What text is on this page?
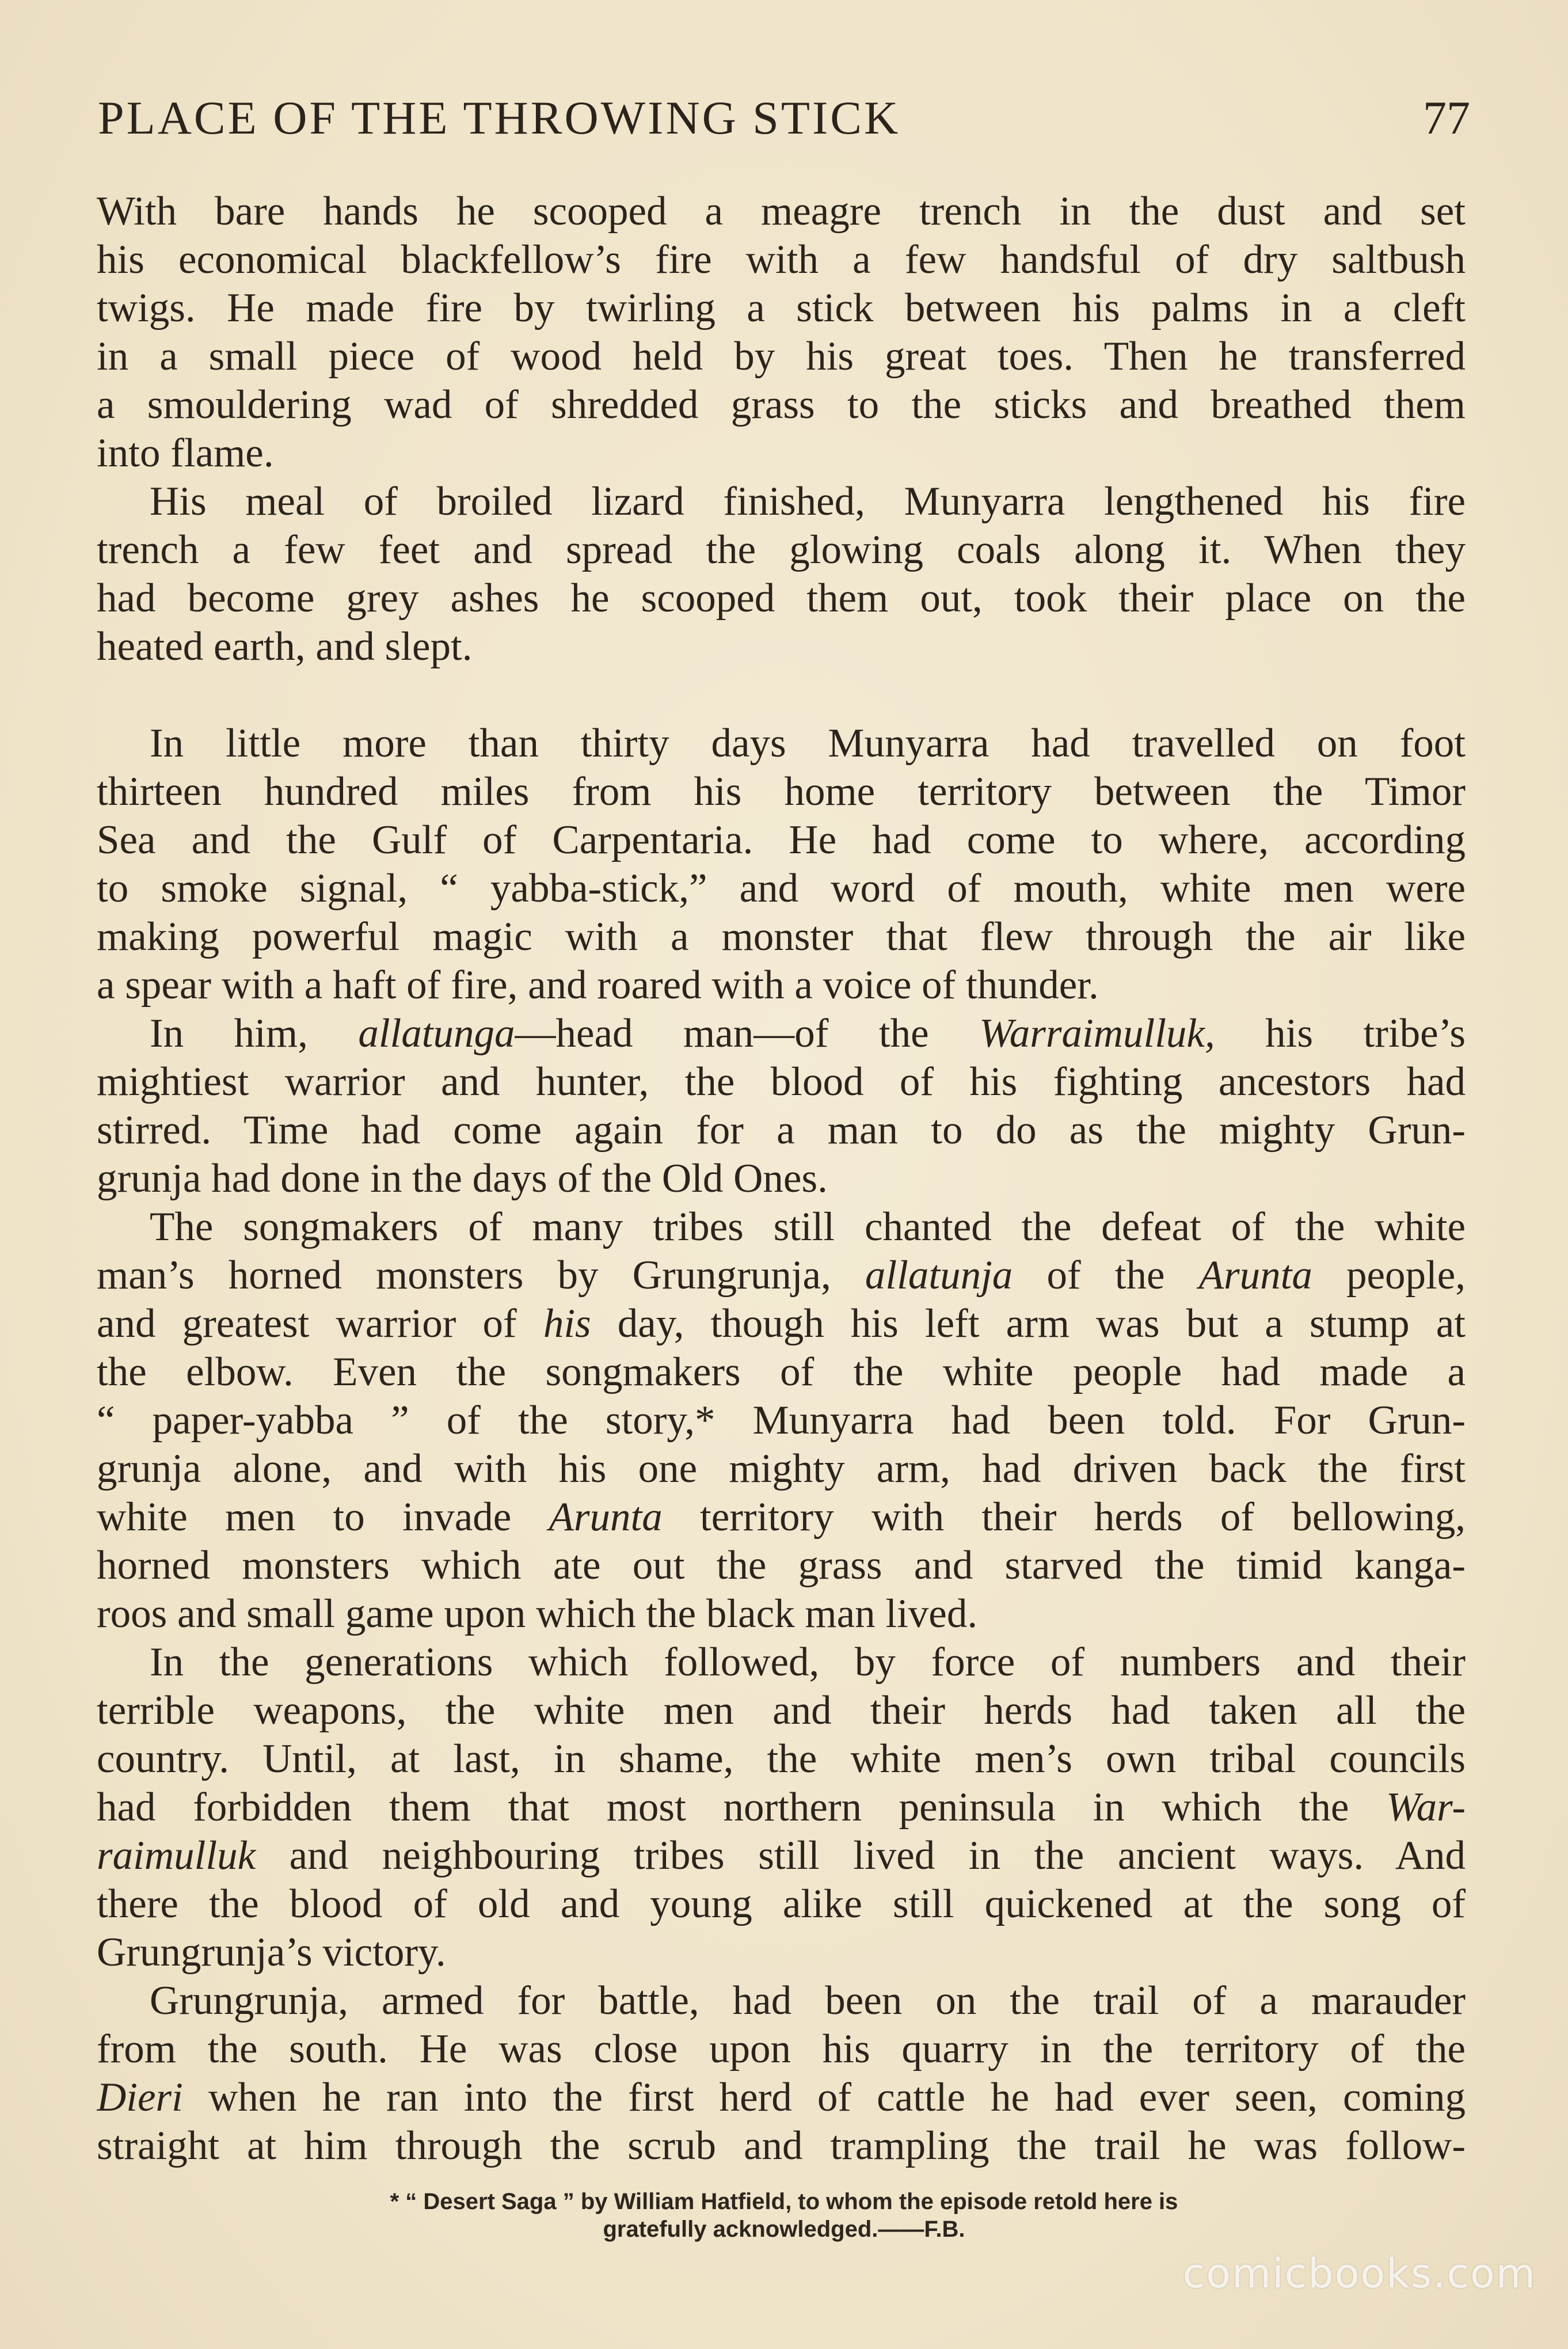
PLACE OF THE THROWING STICK	77
With bare hands he scooped a meagre trench in the dust and set
his economical blackfellow’s fire with a few handsful of dry saltbush
twigs. He made fire by twirling a stick between his palms in a cleft
in a small piece of wood held by his great toes. Then he transferred
a smouldering wad of shredded grass to the sticks and breathed them
into flame.
His meal of broiled lizard finished, Munyarra lengthened his fire
trench a few feet and spread the glowing coals along it. When they
had become grey ashes he scooped them out, took their place on the
heated earth, and slept.
In little more than thirty days Munyarra had travelled on foot
thirteen hundred miles from his home territory between the Timor
Sea and the Gulf of Carpentaria. He had come to where, according
to smoke signal, “ yabba-stick,” and word of mouth, white men were
making powerful magic with a monster that flew through the air like
a spear with a haft of fire, and roared with a voice of thunder.
In him, allatunga—head man—of the Warraimulluk, his tribe’s
mightiest warrior and hunter, the blood of his fighting ancestors had
stirred. Time had come again for a man to do as the mighty Grun-
grunja had done in the days of the Old Ones.
The songmakers of many tribes still chanted the defeat of the white
man’s horned monsters by Grungrunja, allatunja of the Arunta people,
and greatest warrior of his day, though his left arm was but a stump at
the elbow. Even the songmakers of the white people had made a
“ paper-yabba ” of the story,* Munyarra had been told. For Grun-
grunja alone, and with his one mighty arm, had driven back the first
white men to invade Arunta territory with their herds of bellowing,
horned monsters which ate out the grass and starved the timid kanga-
roos and small game upon which the black man lived.
In the generations which followed, by force of numbers and their
terrible weapons, the white men and their herds had taken all the
country. Until, at last, in shame, the white men’s own tribal councils
had forbidden them that most northern peninsula in which the War-
raimulluk and neighbouring tribes still lived in the ancient ways. And
there the blood of old and young alike still quickened at the song of
Grungrunja’s victory.
Grungrunja, armed for battle, had been on the trail of a marauder
from the south. He was close upon his quarry in the territory of the
Dieri when he ran into the first herd of cattle he had ever seen, coming
straight at him through the scrub and trampling the trail he was follow-
* “ Desert Saga ” by William Hatfield, to whom the episode retold here is
gratefully acknowledged.——F.B.
comicbooks.com
